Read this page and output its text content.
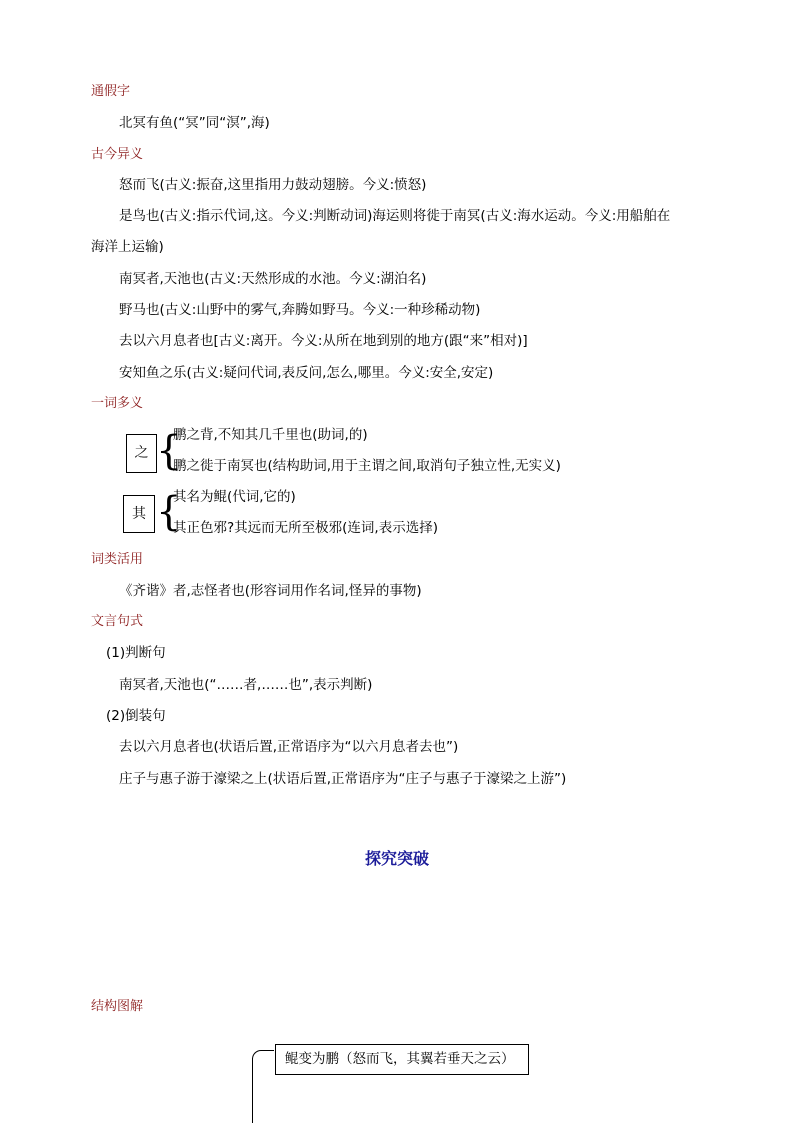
通假字
北冥有鱼(“冥”同“溟”,海)
古今异义
怒而飞(古义:振奋,这里指用力鼓动翅膀。今义:愤怒)
是鸟也(古义:指示代词,这。今义:判断动词)海运则将徙于南冥(古义:海水运动。今义:用船舶在
海洋上运输)
南冥者,天池也(古义:天然形成的水池。今义:湖泊名)
野马也(古义:山野中的雾气,奔腾如野马。今义:一种珍稀动物)
去以六月息者也[古义:离开。今义:从所在地到别的地方(跟“来”相对)]
安知鱼之乐(古义:疑问代词,表反问,怎么,哪里。今义:安全,安定)
一词多义
之 {
鹏之背,不知其几千里也(助词,的)
鹏之徙于南冥也(结构助词,用于主谓之间,取消句子独立性,无实义)
其 {
其名为鲲(代词,它的)
其正色邪?其远而无所至极邪(连词,表示选择)
词类活用
《齐谐》者,志怪者也(形容词用作名词,怪异的事物)
文言句式
(1)判断句
南冥者,天池也(“……者,……也”,表示判断)
(2)倒装句
去以六月息者也(状语后置,正常语序为“以六月息者去也”)
庄子与惠子游于濠梁之上(状语后置,正常语序为“庄子与惠子于濠梁之上游”)
探究突破
结构图解
鲲变为鹏（怒而飞，其翼若垂天之云）
